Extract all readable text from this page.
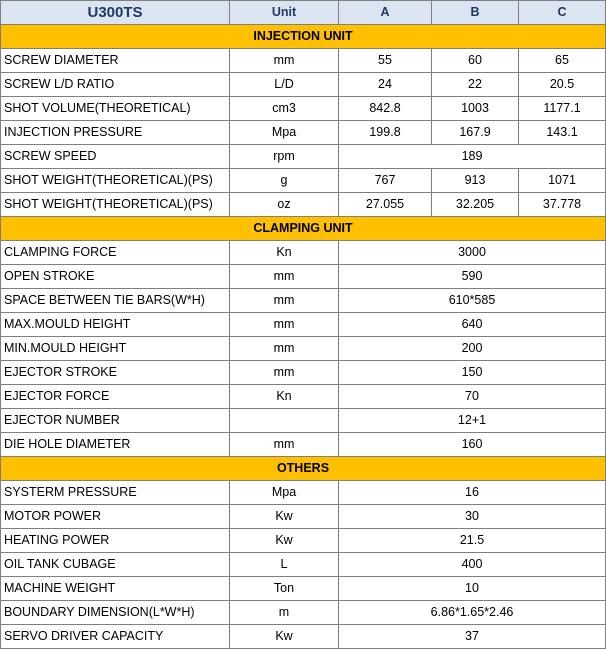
U300TS	Unit	A	B	C
INJECTION UNIT				
SCREW DIAMETER	mm	55	60	65
SCREW L/D RATIO	L/D	24	22	20.5
SHOT VOLUME(THEORETICAL)	cm3	842.8	1003	1177.1
INJECTION PRESSURE	Mpa	199.8	167.9	143.1
SCREW SPEED	rpm	189		
SHOT WEIGHT(THEORETICAL)(PS)	g	767	913	1071
SHOT WEIGHT(THEORETICAL)(PS)	oz	27.055	32.205	37.778
CLAMPING UNIT				
CLAMPING FORCE	Kn	3000		
OPEN STROKE	mm	590		
SPACE BETWEEN TIE BARS(W*H)	mm	610*585		
MAX.MOULD HEIGHT	mm	640		
MIN.MOULD HEIGHT	mm	200		
EJECTOR STROKE	mm	150		
EJECTOR FORCE	Kn	70		
EJECTOR NUMBER		12+1		
DIE HOLE DIAMETER	mm	160		
OTHERS				
SYSTERM PRESSURE	Mpa	16		
MOTOR POWER	Kw	30		
HEATING POWER	Kw	21.5		
OIL TANK CUBAGE	L	400		
MACHINE WEIGHT	Ton	10		
BOUNDARY DIMENSION(L*W*H)	m	6.86*1.65*2.46		
SERVO DRIVER CAPACITY	Kw	37		
